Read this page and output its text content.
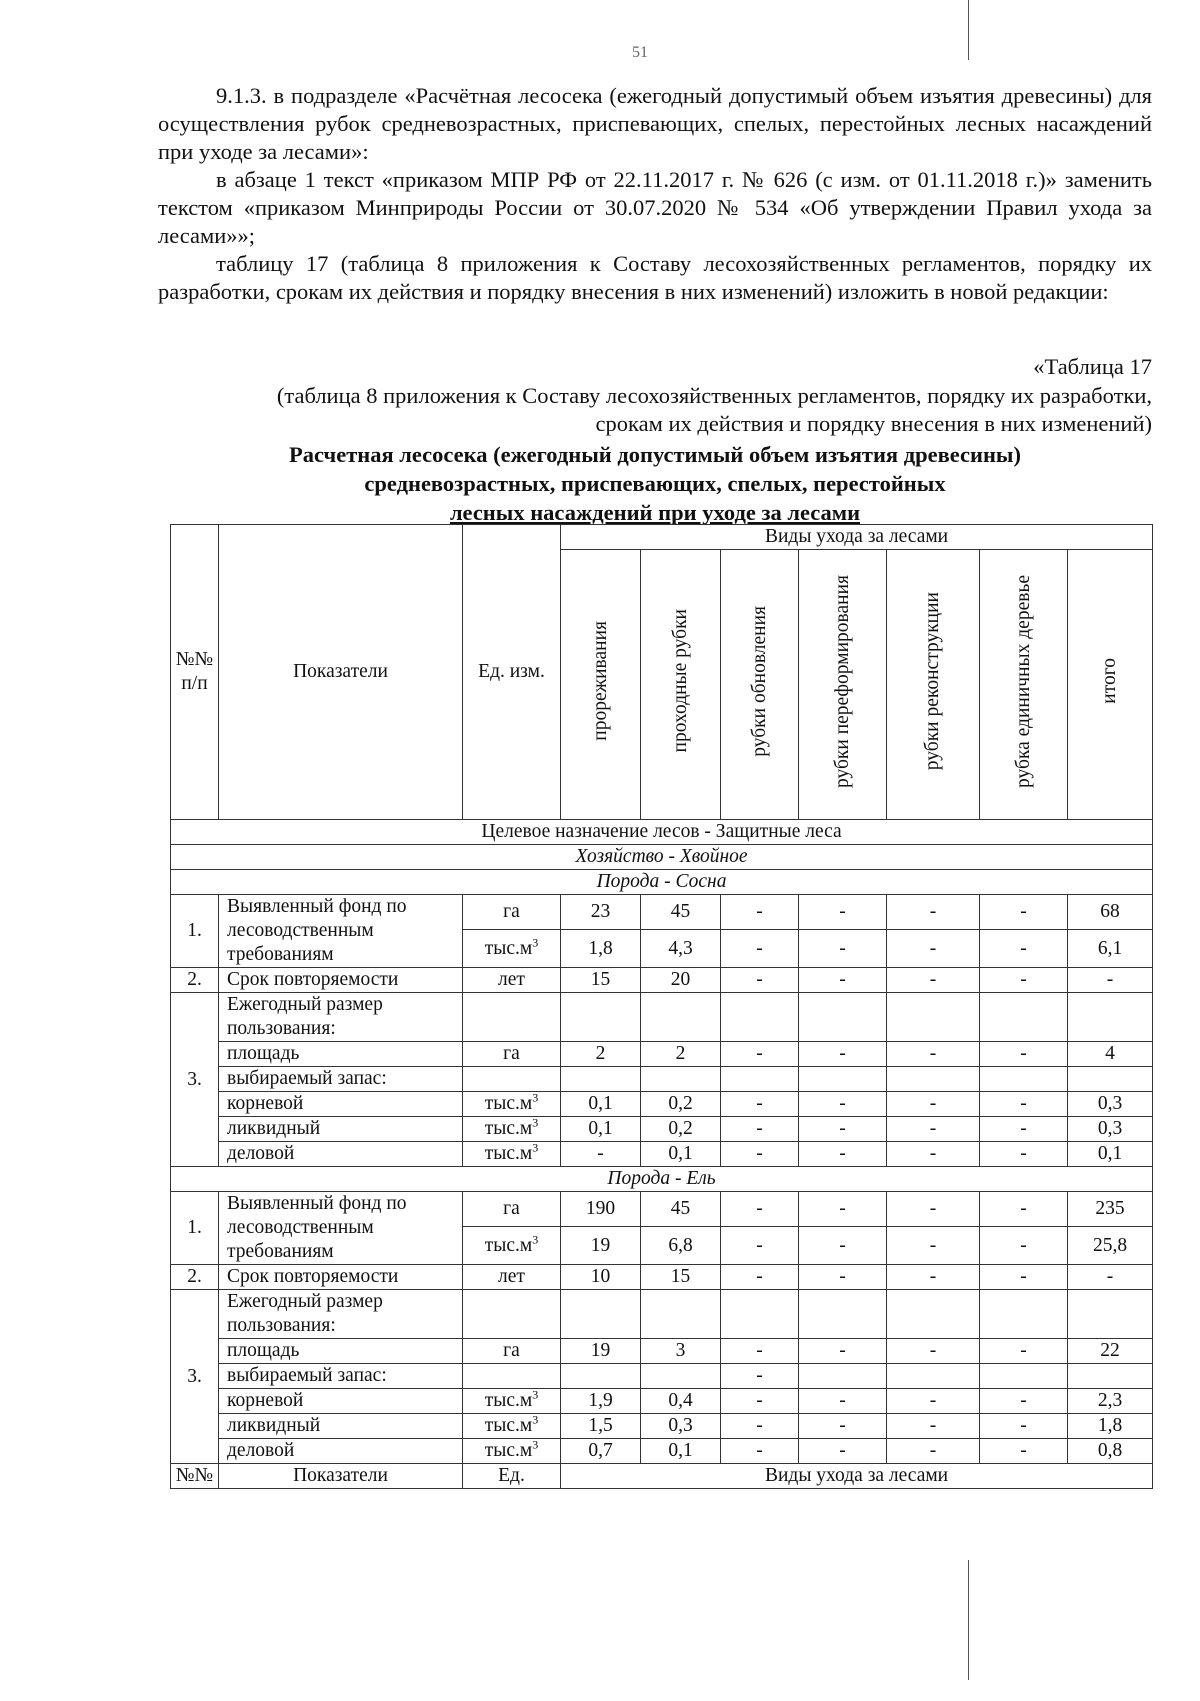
51

9.1.3. в подразделе «Расчётная лесосека (ежегодный допустимый объем изъятия древесины) для осуществления рубок средневозрастных, приспевающих, спелых, перестойных лесных насаждений при уходе за лесами»:

в абзаце 1 текст «приказом МПР РФ от 22.11.2017 г. № 626 (с изм. от 01.11.2018 г.)» заменить текстом «приказом Минприроды России от 30.07.2020 № 534 «Об утверждении Правил ухода за лесами»»;

таблицу 17 (таблица 8 приложения к Составу лесохозяйственных регламентов, порядку их разработки, срокам их действия и порядку внесения в них изменений) изложить в новой редакции:

«Таблица 17
(таблица 8 приложения к Составу лесохозяйственных регламентов, порядку их разработки, срокам их действия и порядку внесения в них изменений)
Расчетная лесосека (ежегодный допустимый объем изъятия древесины)
средневозрастных, приспевающих, спелых, перестойных
лесных насаждений при уходе за лесами
№№ п/п	Показатели	Ед. изм.	Виды ухода за лесами						
			прореживания	проходные рубки	рубки обновления	рубки переформирования	рубки реконструкции	рубка единичных деревье	итого
Целевое назначение лесов - Защитные леса									
Хозяйство - Хвойное									
Порода - Сосна									
1.	Выявленный фонд по
лесоводственным
требованиям	га	23	45	-	-	-	-	68
		$тыс.м^3$	1,8	4,3	-	-	-	-	6,1
2.	Срок повторяемости	лет	15	20	-	-	-	-	-
3.	Ежегодный размер
пользования:								

	площадь	га	2	2	-	-	-	-	4
	выбираемый запас:								
	корневой	$тыс.м^3$	0,1	0,2	-	-	-	-	0,3
	ликвидный	$тыс.м^3$	0,1	0,2	-	-	-	-	0,3
	деловой	$тыс.м^3$	-	0,1	-	-	-	-	0,1
Порода - Ель									
1.	Выявленный фонд по
лесоводственным
требованиям	га	190	45	-	-	-	-	235
		$тыс.м^3$	19	6,8	-	-	-	-	25,8
2.	Срок повторяемости	лет	10	15	-	-	-	-	-
3.	Ежегодный размер
пользования:								

	площадь	га	19	3	-	-	-	-	22
	выбираемый запас:				-				
	корневой	$тыс.м^3$	1,9	0,4	-	-	-	-	2,3
	ликвидный	$тыс.м^3$	1,5	0,3	-	-	-	-	1,8
	деловой	$тыс.м^3$	0,7	0,1	-	-	-	-	0,8
№№	Показатели	Ед.	Виды ухода за лесами						
